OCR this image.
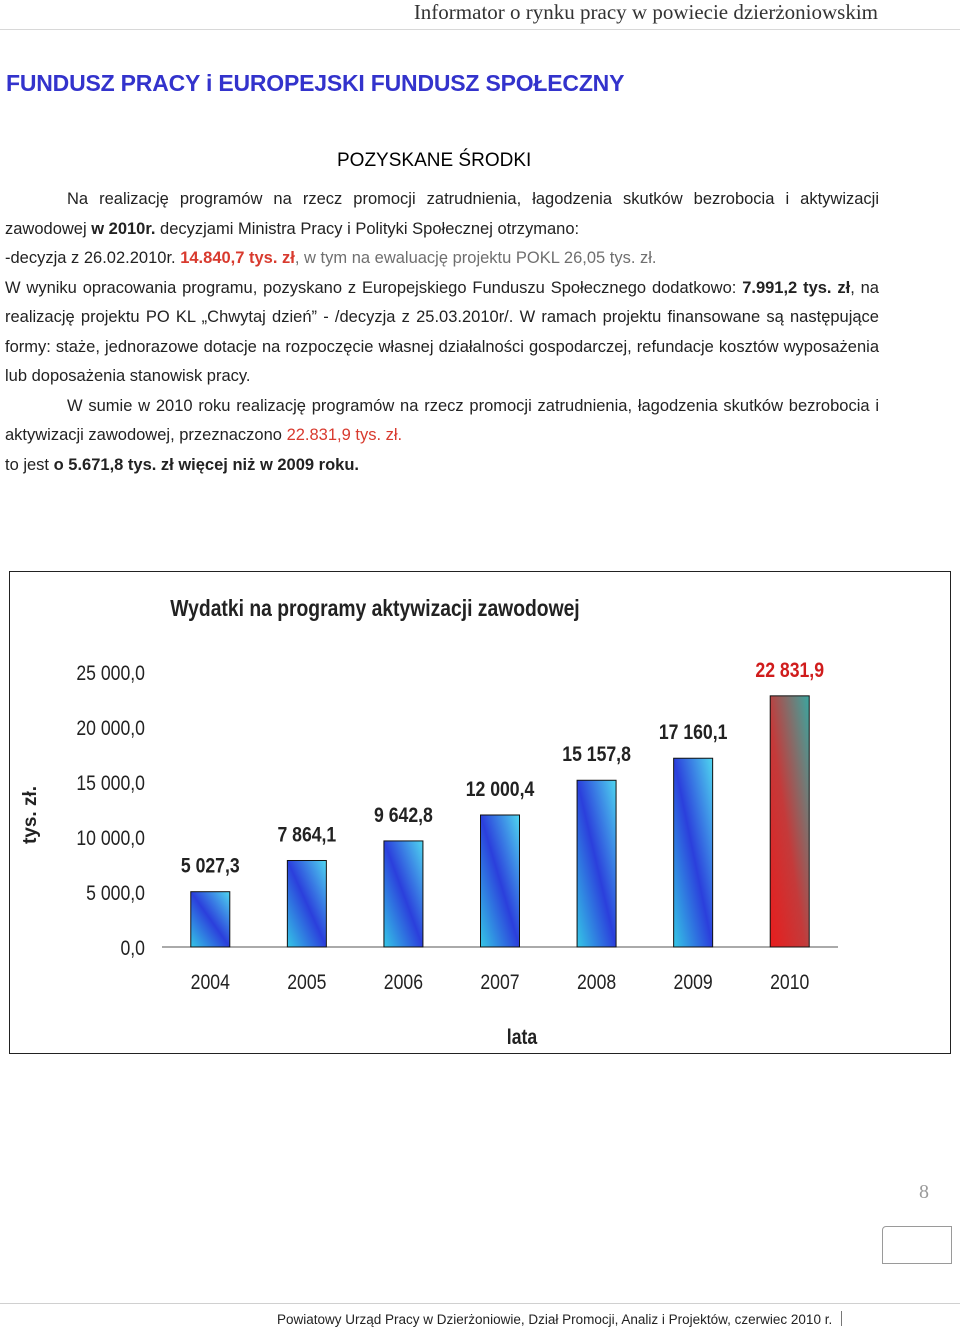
Informator o rynku pracy w powiecie dzierżoniowskim
FUNDUSZ PRACY i EUROPEJSKI FUNDUSZ SPOŁECZNY
POZYSKANE ŚRODKI

Na realizację programów na rzecz promocji zatrudnienia, łagodzenia skutków bezrobocia i aktywizacji zawodowej w 2010r. decyzjami Ministra Pracy i Polityki Społecznej otrzymano:

-decyzja z 26.02.2010r. 14.840,7 tys. zł, w tym na ewaluację projektu POKL 26,05 tys. zł.

W wyniku opracowania programu, pozyskano z Europejskiego Funduszu Społecznego dodatkowo: 7.991,2 tys. zł, na realizację projektu PO KL „Chwytaj dzień” - /decyzja z 25.03.2010r/. W ramach projektu finansowane są następujące formy: staże, jednorazowe dotacje na rozpoczęcie własnej działalności gospodarczej, refundacje kosztów wyposażenia lub doposażenia stanowisk pracy.

W sumie w 2010 roku realizację programów na rzecz promocji zatrudnienia, łagodzenia skutków bezrobocia i aktywizacji zawodowej, przeznaczono 22.831,9 tys. zł.

to jest o 5.671,8 tys. zł więcej niż w 2009 roku.

Wydatki na programy aktywizacji zawodowej
tys. zł.
lata
0,0
5 000,0
10 000,0
15 000,0
20 000,0
25 000,0
2004	2005	2006	2007	2008	2009	2010
5 027,3
7 864,1
9 642,8
12 000,4
15 157,8
17 160,1
22 831,9
8
Powiatowy Urząd Pracy w Dzierżoniowie, Dział Promocji, Analiz i Projektów, czerwiec 2010 r.
